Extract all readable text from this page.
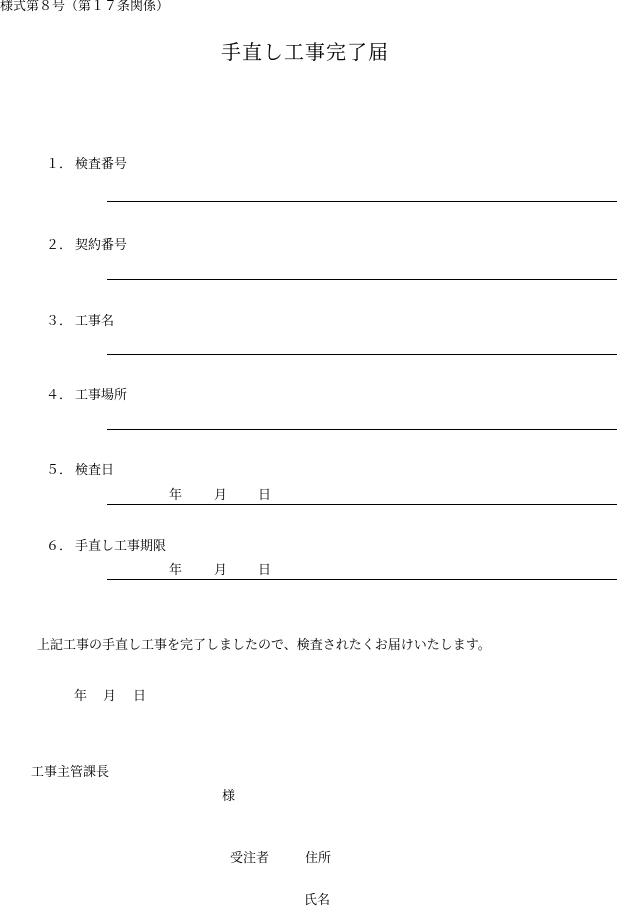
様式第８号（第１７条関係）
手直し工事完了届
１． 検査番号
２． 契約番号
３． 工事名
４． 工事場所
５． 検査日
年 月 日
６． 手直し工事期限
年 月 日
上記工事の手直し工事を完了しましたので、検査されたくお届けいたします。
年 月 日
工事主管課長
様
受注者	住所
氏名
